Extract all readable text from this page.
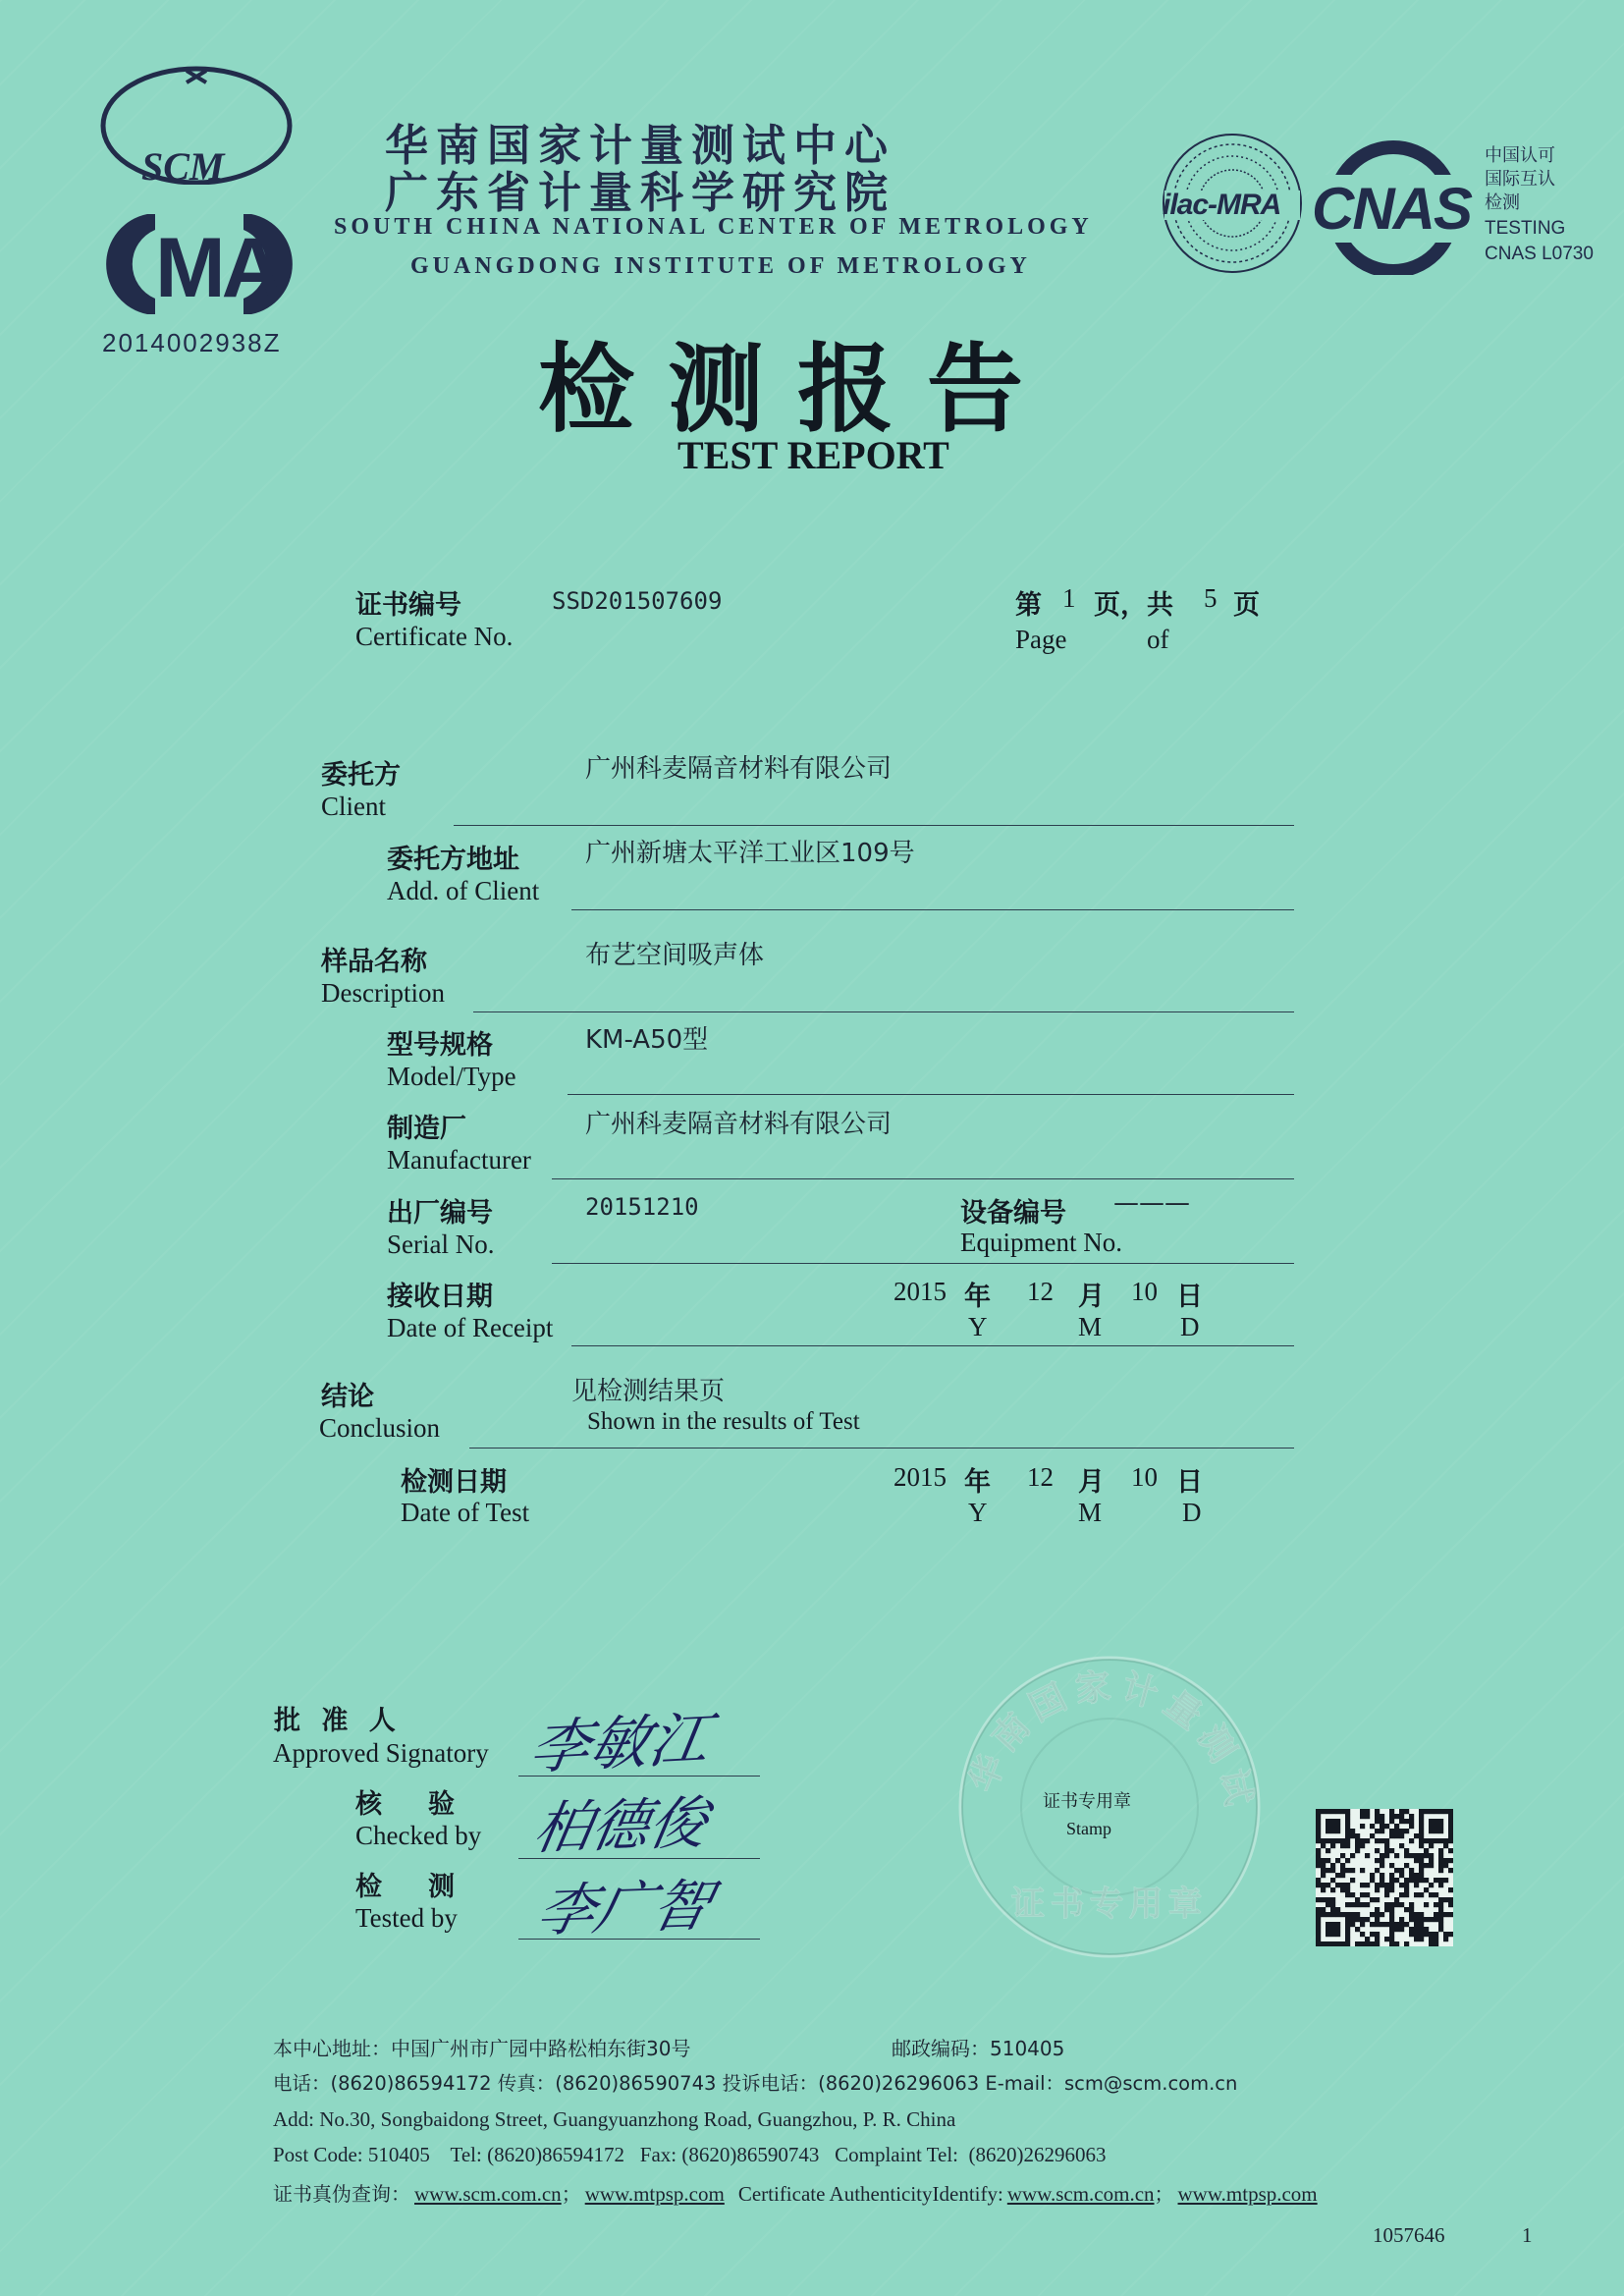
SCM
MA
2014002938Z
华南国家计量测试中心
广东省计量科学研究院
SOUTH CHINA NATIONAL CENTER OF METROLOGY
GUANGDONG INSTITUTE OF METROLOGY
ilac-MRA CNAS
中国认可
国际互认
检测
TESTING
CNAS L0730
检测报告
TEST REPORT
证书编号
Certificate No.
SSD201507609	第 1 页，共 5 页
Page	of
委托方
Client
广州科麦隔音材料有限公司
委托方地址
Add. of Client
广州新塘太平洋工业区109号
样品名称
Description
布艺空间吸声体
型号规格
Model/Type
KM-A50型
制造厂
Manufacturer
广州科麦隔音材料有限公司
出厂编号
Serial No.
20151210	设备编号
Equipment No.
———
接收日期
Date of Receipt
2015 年 12 月 10 日
Y	M	D
结论
Conclusion
见检测结果页
Shown in the results of Test
检测日期
Date of Test
2015 年 12 月 10 日
Y	M	D
批 准 人
Approved Signatory 李敏江
核     验
Checked by 柏德俊
检     测
Tested by 李广智
华南国家计量测试
证书专用章
证书专用章
Stamp
本中心地址：中国广州市广园中路松柏东街30号	邮政编码：510405
电话：(8620)86594172 传真：(8620)86590743 投诉电话：(8620)26296063 E-mail：scm@scm.com.cn
Add: No.30, Songbaidong Street, Guangyuanzhong Road, Guangzhou, P. R. China
Post Code: 510405    Tel: (8620)86594172   Fax: (8620)86590743   Complaint Tel:  (8620)26296063
证书真伪查询： www.scm.com.cn； www.mtpsp.com Certificate AuthenticityIdentify: www.scm.com.cn； www.mtpsp.com
1057646	1
